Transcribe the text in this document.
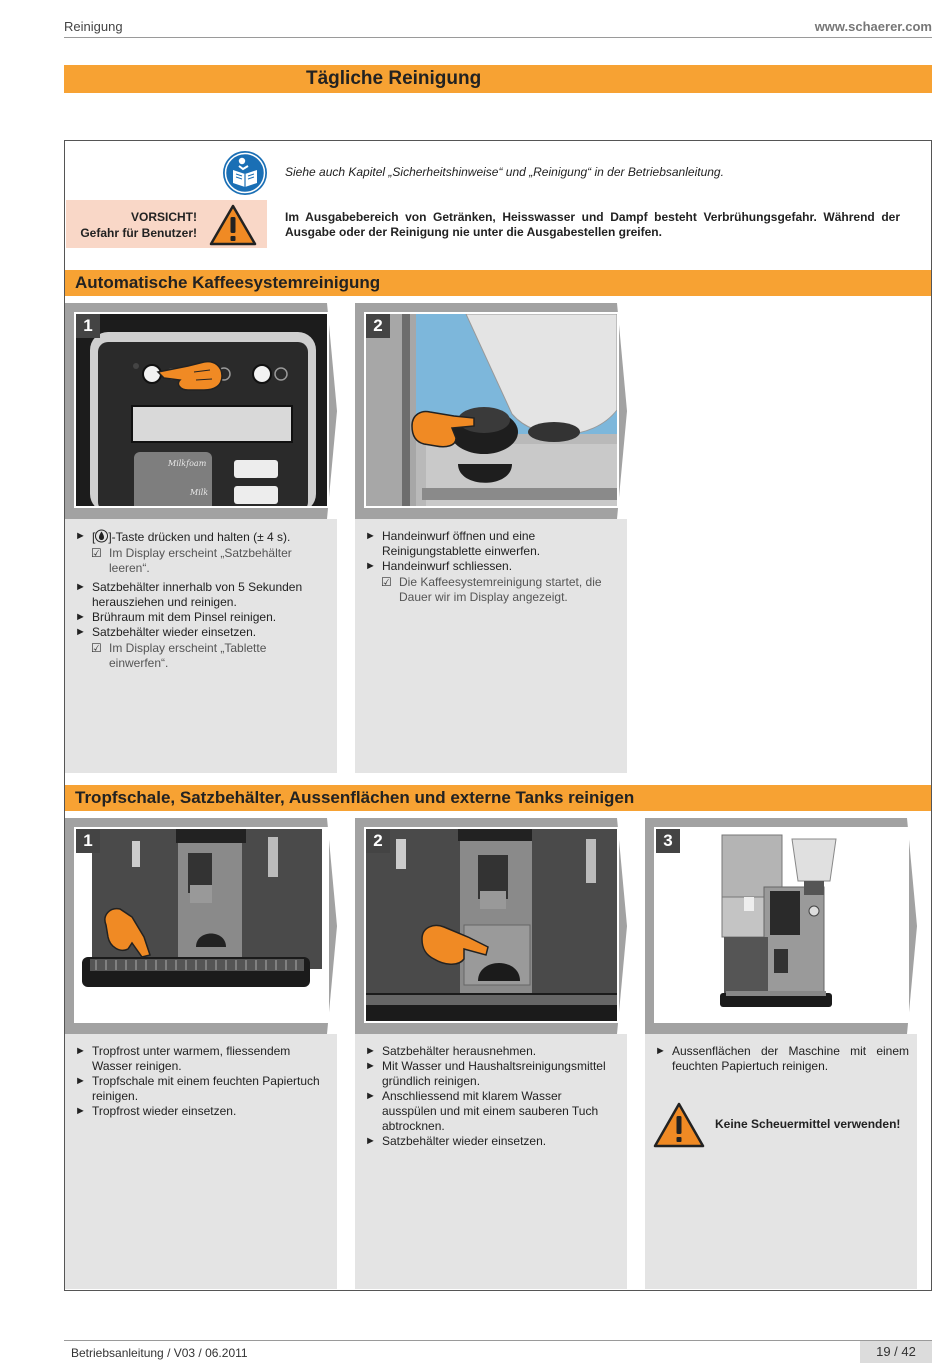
Reinigung	www.schaerer.com
Tägliche Reinigung
Siehe auch Kapitel „Sicherheitshinweise“ und „Reinigung“ in der Betriebsanleitung.
VORSICHT!
Gefahr für Benutzer!
Im Ausgabebereich von Getränken, Heisswasser und Dampf besteht Verbrühungsgefahr. Während der Ausgabe oder der Reinigung nie unter die Ausgabestellen greifen.
Automatische Kaffeesystemreinigung
Milkfoam
Milk
1
► [ ]-Taste drücken und halten (± 4 s).
☑ Im Display erscheint „Satzbehälter leeren“.
► Satzbehälter innerhalb von 5 Sekunden herausziehen und reinigen.
► Brühraum mit dem Pinsel reinigen.
► Satzbehälter wieder einsetzen.
☑ Im Display erscheint „Tablette einwerfen“.
2
► Handeinwurf öffnen und eine Reinigungstablette einwerfen.
► Handeinwurf schliessen.
☑ Die Kaffeesystemreinigung startet, die Dauer wir im Display angezeigt.
Tropfschale, Satzbehälter, Aussenflächen und externe Tanks reinigen
1
► Tropfrost unter warmem, fliessendem Wasser reinigen.
► Tropfschale mit einem feuchten Papiertuch reinigen.
► Tropfrost wieder einsetzen.
2
► Satzbehälter herausnehmen.
► Mit Wasser und Haushaltsreinigungsmittel gründlich reinigen.
► Anschliessend mit klarem Wasser ausspülen und mit einem sauberen Tuch abtrocknen.
► Satzbehälter wieder einsetzen.
3
► Aussenflächen der Maschine mit einem feuchten Papiertuch reinigen.
Keine Scheuermittel verwenden!
Betriebsanleitung / V03 / 06.2011	19 / 42
